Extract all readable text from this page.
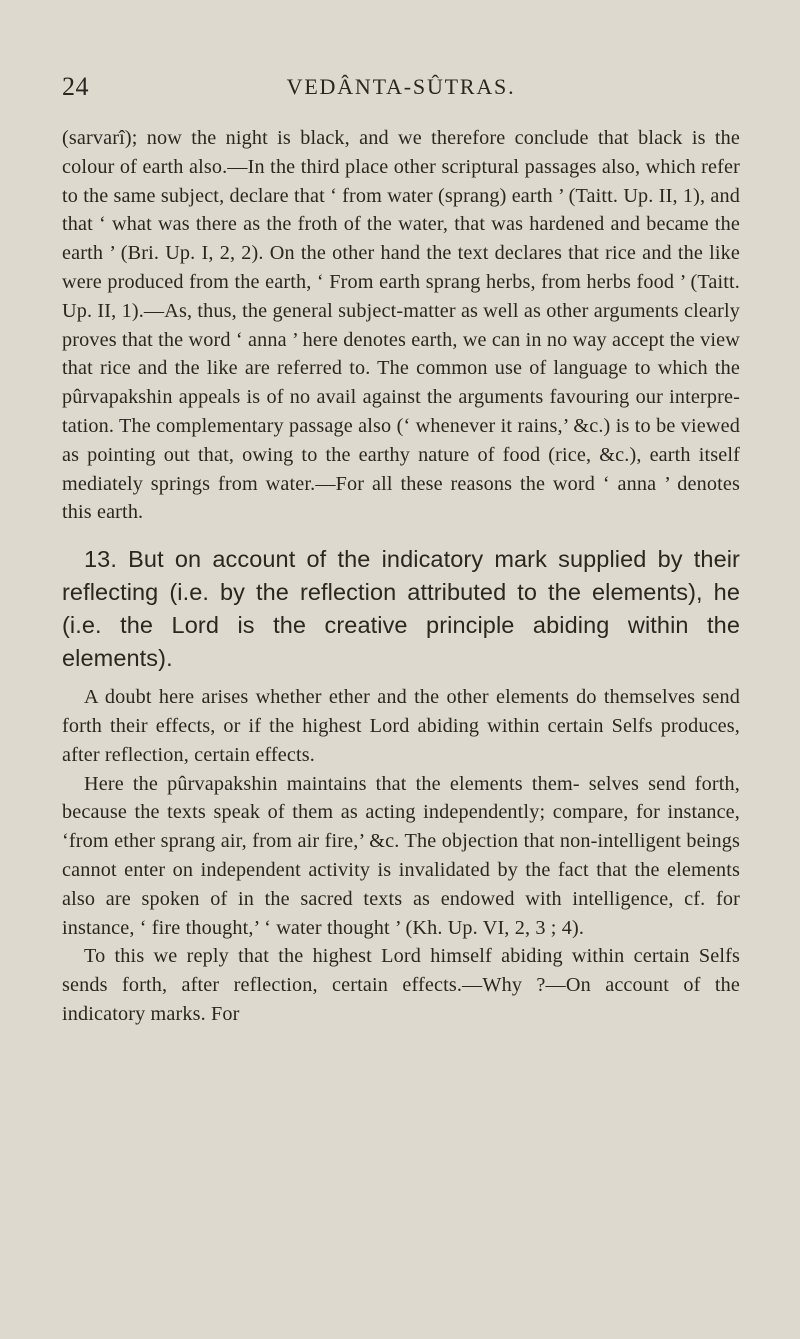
24	VEDÂNTA-SÛTRAS.

(sarvarî); now the night is black, and we therefore conclude that black is the colour of earth also.—In the third place other scriptural passages also, which refer to the same subject, declare that ‘ from water (sprang) earth ’ (Taitt. Up. II, 1), and that ‘ what was there as the froth of the water, that was hardened and became the earth ’ (Bri. Up. I, 2, 2). On the other hand the text declares that rice and the like were produced from the earth, ‘ From earth sprang herbs, from herbs food ’ (Taitt. Up. II, 1).—As, thus, the general subject-matter as well as other arguments clearly proves that the word ‘ anna ’ here denotes earth, we can in no way accept the view that rice and the like are referred to. The common use of language to which the pûrvapakshin appeals is of no avail against the arguments favouring our interpre- tation. The complementary passage also (‘ whenever it rains,’ &c.) is to be viewed as pointing out that, owing to the earthy nature of food (rice, &c.), earth itself mediately springs from water.—For all these reasons the word ‘ anna ’ denotes this earth.

13. But on account of the indicatory mark supplied by their reflecting (i.e. by the reflection attributed to the elements), he (i.e. the Lord is the creative principle abiding within the elements).

A doubt here arises whether ether and the other elements do themselves send forth their effects, or if the highest Lord abiding within certain Selfs produces, after reflection, certain effects.

Here the pûrvapakshin maintains that the elements them- selves send forth, because the texts speak of them as acting independently; compare, for instance, ‘from ether sprang air, from air fire,’ &c. The objection that non-intelligent beings cannot enter on independent activity is invalidated by the fact that the elements also are spoken of in the sacred texts as endowed with intelligence, cf. for instance, ‘ fire thought,’ ‘ water thought ’ (Kh. Up. VI, 2, 3 ; 4).

To this we reply that the highest Lord himself abiding within certain Selfs sends forth, after reflection, certain effects.—Why ?—On account of the indicatory marks. For
